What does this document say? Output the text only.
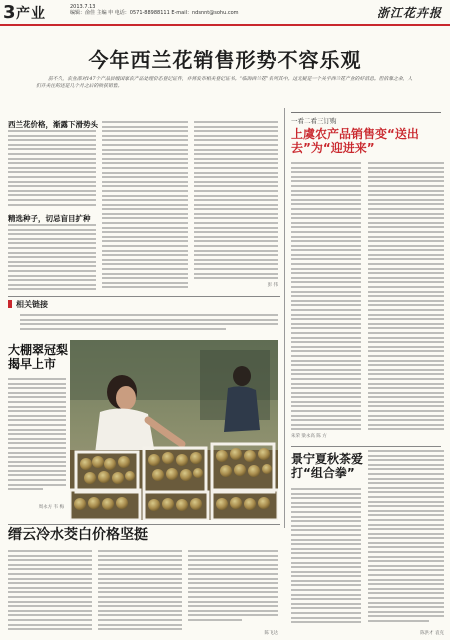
3 产业	2013.7.13
编辑：俞佳 主编 申 电话：0571-88988111 E-mail：ndsnnt@sohu.com	浙江花卉报
今年西兰花销售形势不容乐观
前不久，农业部对147个产品县级国家农产品处理价态登记证件，并将发布相关登记证书。“临海西兰花”名列其中。这无疑是一个关乎西兰花产业的好消息。但依靠之余，人们开关注的还是几个月之后的收获销售。
西兰花价格，渐露下滑势头

精选种子，切忌盲目扩种

彭 伟
一看二看三订购
上虞农产品销售变“送出去”为“迎进来”

朱荣 梁永高 陈 方

相关链接

大棚翠冠梨揭早上市

周永方 韦 梅
缙云冷水茭白价格坚挺

陈飞达
景宁夏秋茶爱打“组合拳”

陈洪才 袁克
